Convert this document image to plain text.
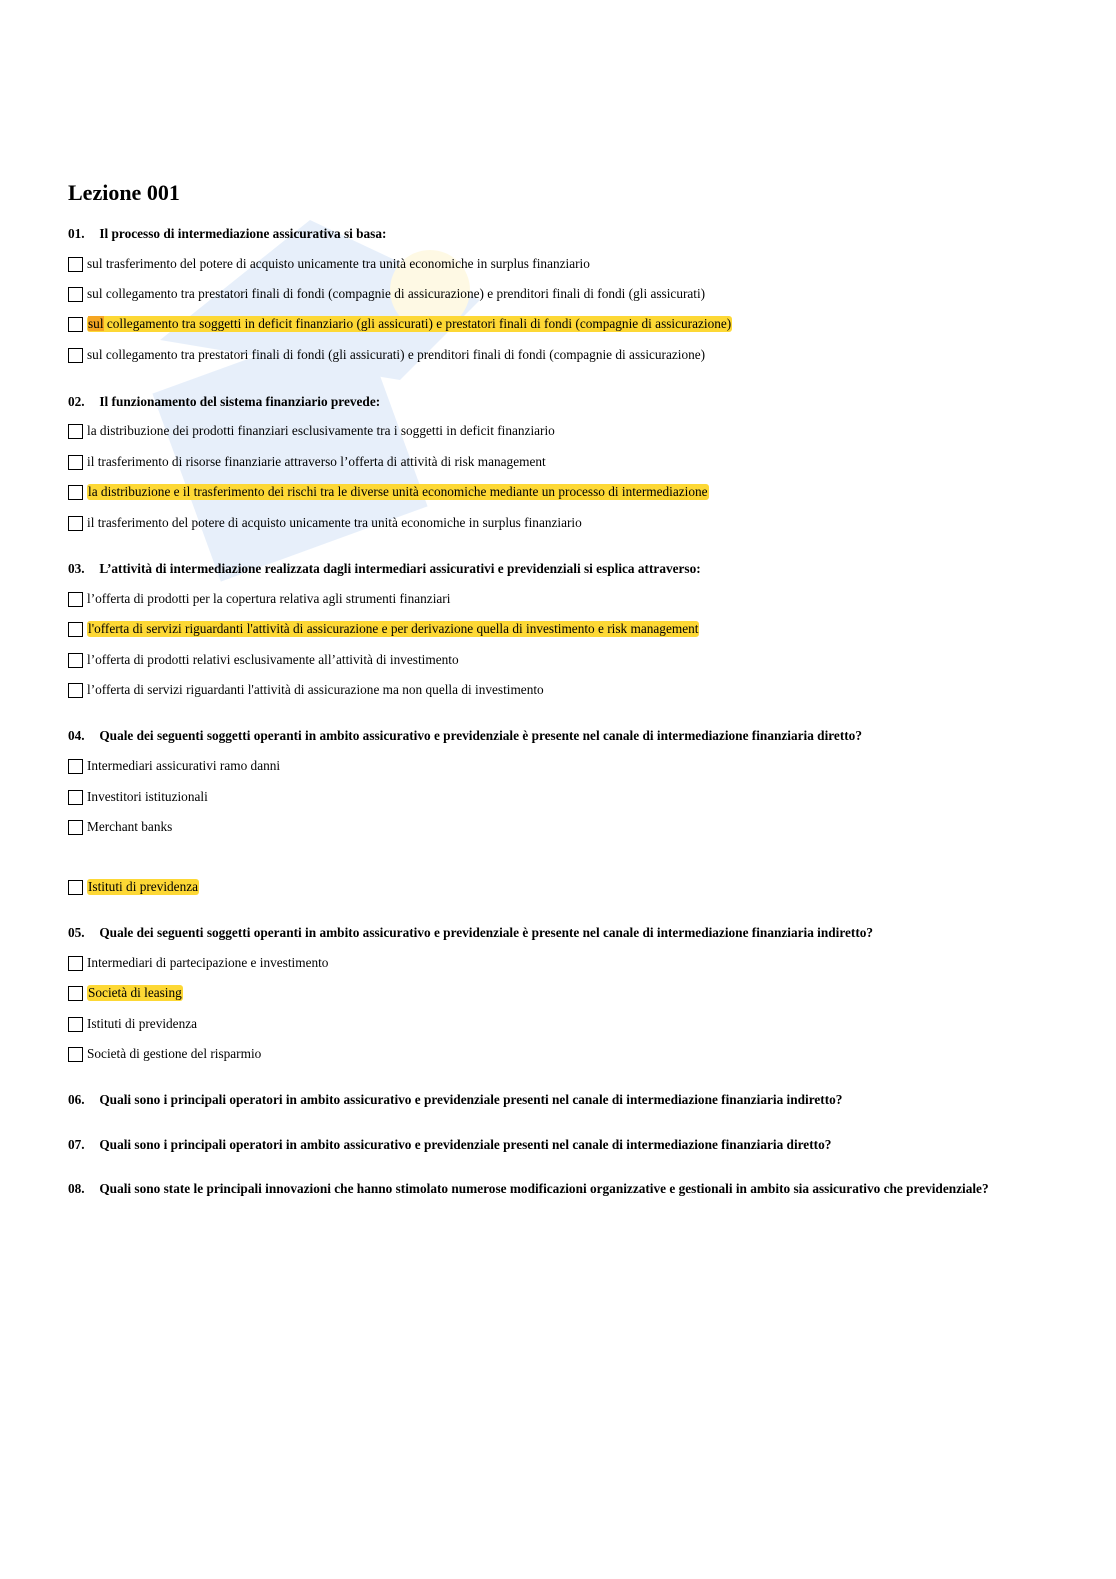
Lezione 001
01. Il processo di intermediazione assicurativa si basa:
sul trasferimento del potere di acquisto unicamente tra unità economiche in surplus finanziario
sul collegamento tra prestatori finali di fondi (compagnie di assicurazione) e prenditori finali di fondi (gli assicurati)
sul collegamento tra soggetti in deficit finanziario (gli assicurati) e prestatori finali di fondi (compagnie di assicurazione)
sul collegamento tra prestatori finali di fondi (gli assicurati) e prenditori finali di fondi (compagnie di assicurazione)
02. Il funzionamento del sistema finanziario prevede:
la distribuzione dei prodotti finanziari esclusivamente tra i soggetti in deficit finanziario
il trasferimento di risorse finanziarie attraverso l’offerta di attività di risk management
la distribuzione e il trasferimento dei rischi tra le diverse unità economiche mediante un processo di intermediazione
il trasferimento del potere di acquisto unicamente tra unità economiche in surplus finanziario
03. L’attività di intermediazione realizzata dagli intermediari assicurativi e previdenziali si esplica attraverso:
l’offerta di prodotti per la copertura relativa agli strumenti finanziari
l'offerta di servizi riguardanti l'attività di assicurazione e per derivazione quella di investimento e risk management
l’offerta di prodotti relativi esclusivamente all’attività di investimento
l’offerta di servizi riguardanti l'attività di assicurazione ma non quella di investimento
04. Quale dei seguenti soggetti operanti in ambito assicurativo e previdenziale è presente nel canale di intermediazione finanziaria diretto?
Intermediari assicurativi ramo danni
Investitori istituzionali
Merchant banks
Istituti di previdenza
05. Quale dei seguenti soggetti operanti in ambito assicurativo e previdenziale è presente nel canale di intermediazione finanziaria indiretto?
Intermediari di partecipazione e investimento
Società di leasing
Istituti di previdenza
Società di gestione del risparmio
06. Quali sono i principali operatori in ambito assicurativo e previdenziale presenti nel canale di intermediazione finanziaria indiretto?
07. Quali sono i principali operatori in ambito assicurativo e previdenziale presenti nel canale di intermediazione finanziaria diretto?
08. Quali sono state le principali innovazioni che hanno stimolato numerose modificazioni organizzative e gestionali in ambito sia assicurativo che previdenziale?
